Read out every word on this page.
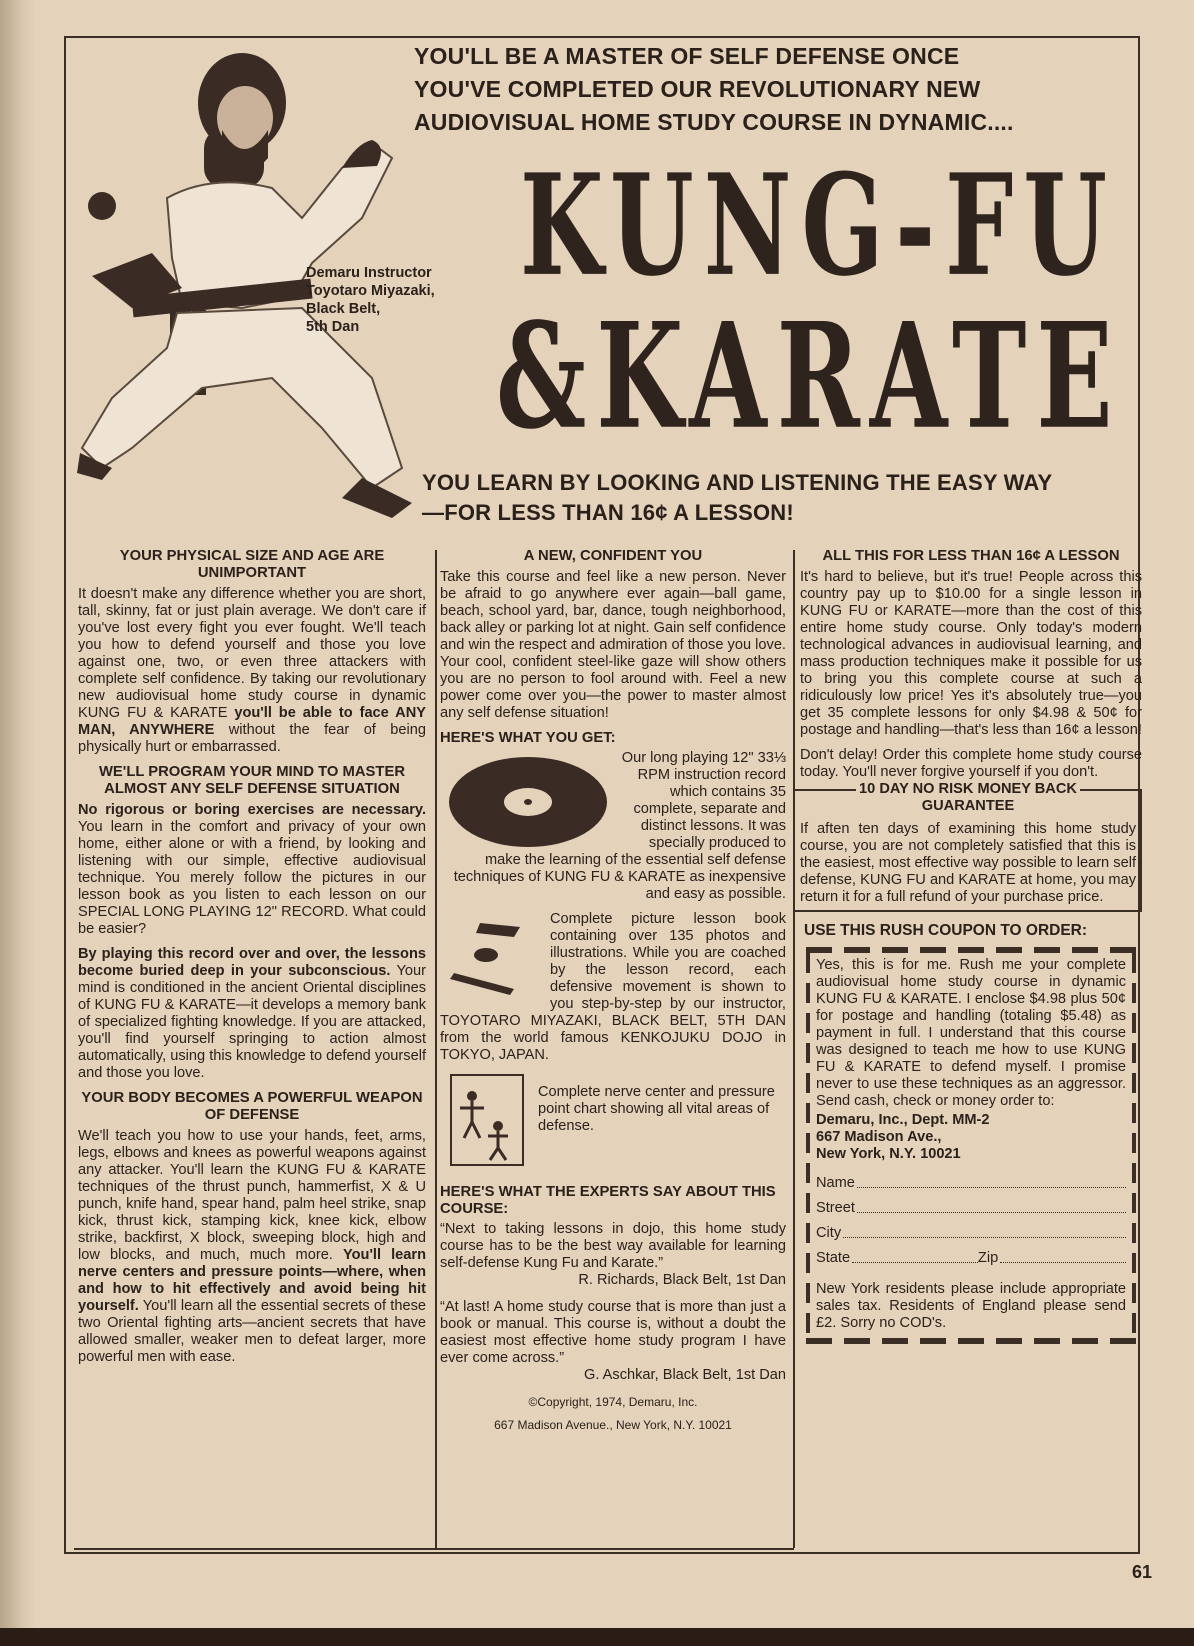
YOU'LL BE A MASTER OF SELF DEFENSE ONCE
YOU'VE COMPLETED OUR REVOLUTIONARY NEW
AUDIOVISUAL HOME STUDY COURSE IN DYNAMIC....
Demaru Instructor
Toyotaro Miyazaki,
Black Belt,
5th Dan
KUNG-FU
&KARATE
YOU LEARN BY LOOKING AND LISTENING THE EASY WAY
—FOR LESS THAN 16¢ A LESSON!
YOUR PHYSICAL SIZE AND AGE ARE UNIMPORTANT

It doesn't make any difference whether you are short, tall, skinny, fat or just plain average. We don't care if you've lost every fight you ever fought. We'll teach you how to defend yourself and those you love against one, two, or even three attackers with complete self confidence. By taking our revolutionary new audiovisual home study course in dynamic KUNG FU & KARATE you'll be able to face ANY MAN, ANYWHERE without the fear of being physically hurt or embarrassed.

WE'LL PROGRAM YOUR MIND TO MASTER ALMOST ANY SELF DEFENSE SITUATION

No rigorous or boring exercises are necessary. You learn in the comfort and privacy of your own home, either alone or with a friend, by looking and listening with our simple, effective audiovisual technique. You merely follow the pictures in our lesson book as you listen to each lesson on our SPECIAL LONG PLAYING 12" RECORD. What could be easier?

By playing this record over and over, the lessons become buried deep in your subconscious. Your mind is conditioned in the ancient Oriental disciplines of KUNG FU & KARATE—it develops a memory bank of specialized fighting knowledge. If you are attacked, you'll find yourself springing to action almost automatically, using this knowledge to defend yourself and those you love.

YOUR BODY BECOMES A POWERFUL WEAPON OF DEFENSE

We'll teach you how to use your hands, feet, arms, legs, elbows and knees as powerful weapons against any attacker. You'll learn the KUNG FU & KARATE techniques of the thrust punch, hammerfist, X & U punch, knife hand, spear hand, palm heel strike, snap kick, thrust kick, stamping kick, knee kick, elbow strike, backfirst, X block, sweeping block, high and low blocks, and much, much more. You'll learn nerve centers and pressure points—where, when and how to hit effectively and avoid being hit yourself. You'll learn all the essential secrets of these two Oriental fighting arts—ancient secrets that have allowed smaller, weaker men to defeat larger, more powerful men with ease.

A NEW, CONFIDENT YOU

Take this course and feel like a new person. Never be afraid to go anywhere ever again—ball game, beach, school yard, bar, dance, tough neighborhood, back alley or parking lot at night. Gain self confidence and win the respect and admiration of those you love. Your cool, confident steel-like gaze will show others you are no person to fool around with. Feel a new power come over you—the power to master almost any self defense situation!

HERE'S WHAT YOU GET:

Our long playing 12" 33⅓ RPM instruction record which contains 35 complete, separate and distinct lessons. It was specially produced to make the learning of the essential self defense techniques of KUNG FU & KARATE as inexpensive and easy as possible.

Complete picture lesson book containing over 135 photos and illustrations. While you are coached by the lesson record, each defensive movement is shown to you step-by-step by our instructor, TOYOTARO MIYAZAKI, BLACK BELT, 5TH DAN from the world famous KENKOJUKU DOJO in TOKYO, JAPAN.

Complete nerve center and pressure point chart showing all vital areas of defense.

HERE'S WHAT THE EXPERTS SAY ABOUT THIS COURSE:

“Next to taking lessons in dojo, this home study course has to be the best way available for learning self-defense Kung Fu and Karate.”

R. Richards, Black Belt, 1st Dan

“At last! A home study course that is more than just a book or manual. This course is, without a doubt the easiest most effective home study program I have ever come across.”

G. Aschkar, Black Belt, 1st Dan

©Copyright, 1974, Demaru, Inc.

667 Madison Avenue., New York, N.Y. 10021

ALL THIS FOR LESS THAN 16¢ A LESSON

It's hard to believe, but it's true! People across this country pay up to $10.00 for a single lesson in KUNG FU or KARATE—more than the cost of this entire home study course. Only today's modern technological advances in audiovisual learning, and mass production techniques make it possible for us to bring you this complete course at such a ridiculously low price! Yes it's absolutely true—you get 35 complete lessons for only $4.98 & 50¢ for postage and handling—that's less than 16¢ a lesson!

Don't delay! Order this complete home study course today. You'll never forgive yourself if you don't.

10 DAY NO RISK MONEY BACK
GUARANTEE
If aften ten days of examining this home study course, you are not completely satisfied that this is the easiest, most effective way possible to learn self defense, KUNG FU and KARATE at home, you may return it for a full refund of your purchase price.
USE THIS RUSH COUPON TO ORDER:

Yes, this is for me. Rush me your complete audiovisual home study course in dynamic KUNG FU & KARATE. I enclose $4.98 plus 50¢ for postage and handling (totaling $5.48) as payment in full. I understand that this course was designed to teach me how to use KUNG FU & KARATE to defend myself. I promise never to use these techniques as an aggressor. Send cash, check or money order to:

Demaru, Inc., Dept. MM-2
667 Madison Ave.,
New York, N.Y. 10021
Name
Street
City
State	Zip

New York residents please include appropriate sales tax. Residents of England please send £2. Sorry no COD's.

61
